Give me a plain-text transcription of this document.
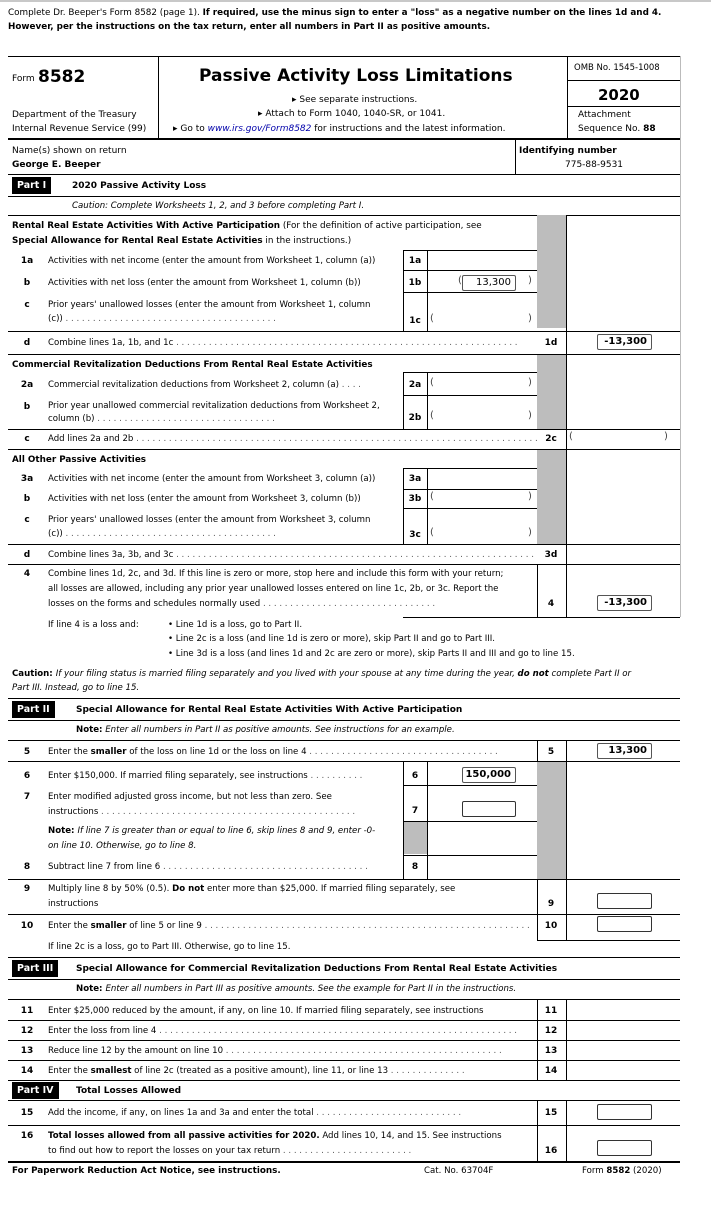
Complete Dr. Beeper's Form 8582 (page 1). If required, use the minus sign to enter a "loss" as a negative number on the lines 1d and 4.
However, per the instructions on the tax return, enter all numbers in Part II as positive amounts.
Form 8582
Department of the Treasury
Internal Revenue Service (99)
Passive Activity Loss Limitations
▸ See separate instructions.
▸ Attach to Form 1040, 1040-SR, or 1041.
▸ Go to www.irs.gov/Form8582 for instructions and the latest information.
OMB No. 1545-1008
2020
Attachment
Sequence No. 88
Name(s) shown on return
George E. Beeper
Identifying number
775-88-9531
Part I	2020 Passive Activity Loss
Caution: Complete Worksheets 1, 2, and 3 before completing Part I.
Rental Real Estate Activities With Active Participation (For the definition of active participation, see
Special Allowance for Rental Real Estate Activities in the instructions.)
1a	Activities with net income (enter the amount from Worksheet 1, column (a))	1a
b	Activities with net loss (enter the amount from Worksheet 1, column (b))	1b	(	13,300	)
c	Prior years' unallowed losses (enter the amount from Worksheet 1, column
(c)) . . . . . . . . . . . . . . . . . . . . . . . . . . . . . . . . . . . . . . .	1c (	)
d	Combine lines 1a, 1b, and 1c . . . . . . . . . . . . . . . . . . . . . . . . . . . . . . . . . . . . . . . . . . . . . . . . . . . . . . . . . . . . . . .	1d	-13,300
Commercial Revitalization Deductions From Rental Real Estate Activities
2a	Commercial revitalization deductions from Worksheet 2, column (a) . . . .	2a (	)
b	Prior year unallowed commercial revitalization deductions from Worksheet 2,
column (b) . . . . . . . . . . . . . . . . . . . . . . . . . . . . . . . . .	2b (	)
c	Add lines 2a and 2b . . . . . . . . . . . . . . . . . . . . . . . . . . . . . . . . . . . . . . . . . . . . . . . . . . . . . . . . . . . . . . . . . . . . . . . . . . 2c	(	)
All Other Passive Activities
3a	Activities with net income (enter the amount from Worksheet 3, column (a))	3a
b	Activities with net loss (enter the amount from Worksheet 3, column (b))	3b (	)
c	Prior years' unallowed losses (enter the amount from Worksheet 3, column
(c)) . . . . . . . . . . . . . . . . . . . . . . . . . . . . . . . . . . . . . . .	3c (	)
d	Combine lines 3a, 3b, and 3c . . . . . . . . . . . . . . . . . . . . . . . . . . . . . . . . . . . . . . . . . . . . . . . . . . . . . . . . . . . . . . . . . .	3d
4	Combine lines 1d, 2c, and 3d. If this line is zero or more, stop here and include this form with your return;
all losses are allowed, including any prior year unallowed losses entered on line 1c, 2b, or 3c. Report the
losses on the forms and schedules normally used . . . . . . . . . . . . . . . . . . . . . . . . . . . . . . . .	4	-13,300
If line 4 is a loss and:	• Line 1d is a loss, go to Part II.
• Line 2c is a loss (and line 1d is zero or more), skip Part II and go to Part III.
• Line 3d is a loss (and lines 1d and 2c are zero or more), skip Parts II and III and go to line 15.
Caution: If your filing status is married filing separately and you lived with your spouse at any time during the year, do not complete Part II or
Part III. Instead, go to line 15.
Part II	Special Allowance for Rental Real Estate Activities With Active Participation
Note: Enter all numbers in Part II as positive amounts. See instructions for an example.
5	Enter the smaller of the loss on line 1d or the loss on line 4 . . . . . . . . . . . . . . . . . . . . . . . . . . . . . . . . . . .	5	13,300
6	Enter $150,000. If married filing separately, see instructions . . . . . . . . . .	6	150,000
7	Enter modified adjusted gross income, but not less than zero. See
instructions . . . . . . . . . . . . . . . . . . . . . . . . . . . . . . . . . . . . . . . . . . . . . . .	7
Note: If line 7 is greater than or equal to line 6, skip lines 8 and 9, enter -0-
on line 10. Otherwise, go to line 8.
8	Subtract line 7 from line 6 . . . . . . . . . . . . . . . . . . . . . . . . . . . . . . . . . . . . . .	8
9	Multiply line 8 by 50% (0.5). Do not enter more than $25,000. If married filing separately, see
instructions	9
10	Enter the smaller of line 5 or line 9 . . . . . . . . . . . . . . . . . . . . . . . . . . . . . . . . . . . . . . . . . . . . . . . . . . . . . . . . . . . .	10
If line 2c is a loss, go to Part III. Otherwise, go to line 15.
Part III	Special Allowance for Commercial Revitalization Deductions From Rental Real Estate Activities
Note: Enter all numbers in Part III as positive amounts. See the example for Part II in the instructions.
11	Enter $25,000 reduced by the amount, if any, on line 10. If married filing separately, see instructions	11
12	Enter the loss from line 4 . . . . . . . . . . . . . . . . . . . . . . . . . . . . . . . . . . . . . . . . . . . . . . . . . . . . . . . . . . . . . . . . . .	12
13	Reduce line 12 by the amount on line 10 . . . . . . . . . . . . . . . . . . . . . . . . . . . . . . . . . . . . . . . . . . . . . . . . . . .	13
14	Enter the smallest of line 2c (treated as a positive amount), line 11, or line 13 . . . . . . . . . . . . . .	14
Part IV	Total Losses Allowed
15	Add the income, if any, on lines 1a and 3a and enter the total . . . . . . . . . . . . . . . . . . . . . . . . . . .	15
16	Total losses allowed from all passive activities for 2020. Add lines 10, 14, and 15. See instructions
to find out how to report the losses on your tax return . . . . . . . . . . . . . . . . . . . . . . . .	16
For Paperwork Reduction Act Notice, see instructions.	Cat. No. 63704F	Form 8582 (2020)
